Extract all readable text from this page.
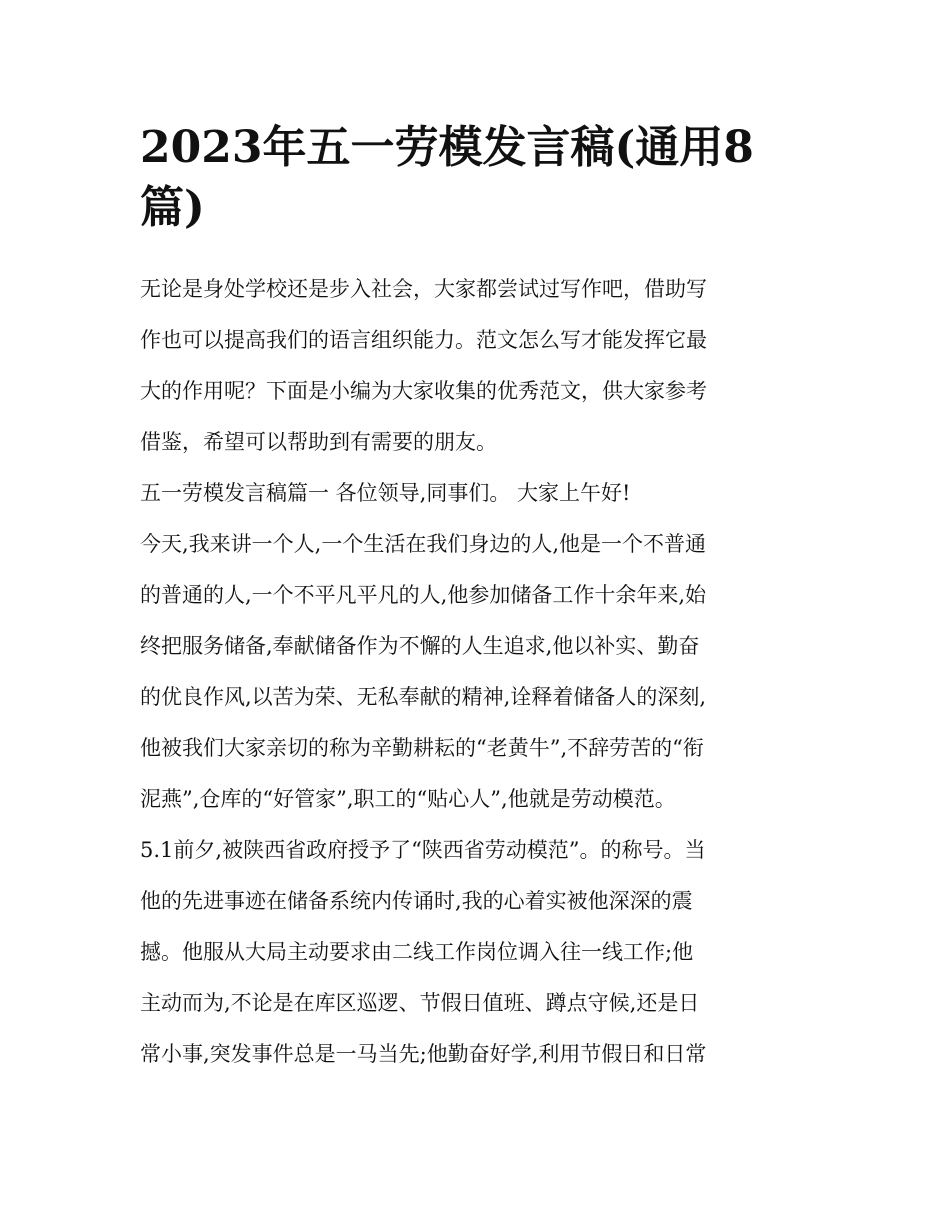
2023年五一劳模发言稿(通用8
篇)

无论是身处学校还是步入社会，大家都尝试过写作吧，借助写
作也可以提高我们的语言组织能力。范文怎么写才能发挥它最
大的作用呢？下面是小编为大家收集的优秀范文，供大家参考
借鉴，希望可以帮助到有需要的朋友。

五一劳模发言稿篇一 各位领导,同事们。 大家上午好!

今天,我来讲一个人,一个生活在我们身边的人,他是一个不普通
的普通的人,一个不平凡平凡的人,他参加储备工作十余年来,始
终把服务储备,奉献储备作为不懈的人生追求,他以补实、勤奋
的优良作风,以苦为荣、无私奉献的精神,诠释着储备人的深刻,
他被我们大家亲切的称为辛勤耕耘的“老黄牛”,不辞劳苦的“衔
泥燕”,仓库的“好管家”,职工的“贴心人”,他就是劳动模范。

5.1前夕,被陕西省政府授予了“陕西省劳动模范”。的称号。当
他的先进事迹在储备系统内传诵时,我的心着实被他深深的震
撼。他服从大局主动要求由二线工作岗位调入往一线工作;他
主动而为,不论是在库区巡逻、节假日值班、蹲点守候,还是日
常小事,突发事件总是一马当先;他勤奋好学,利用节假日和日常
